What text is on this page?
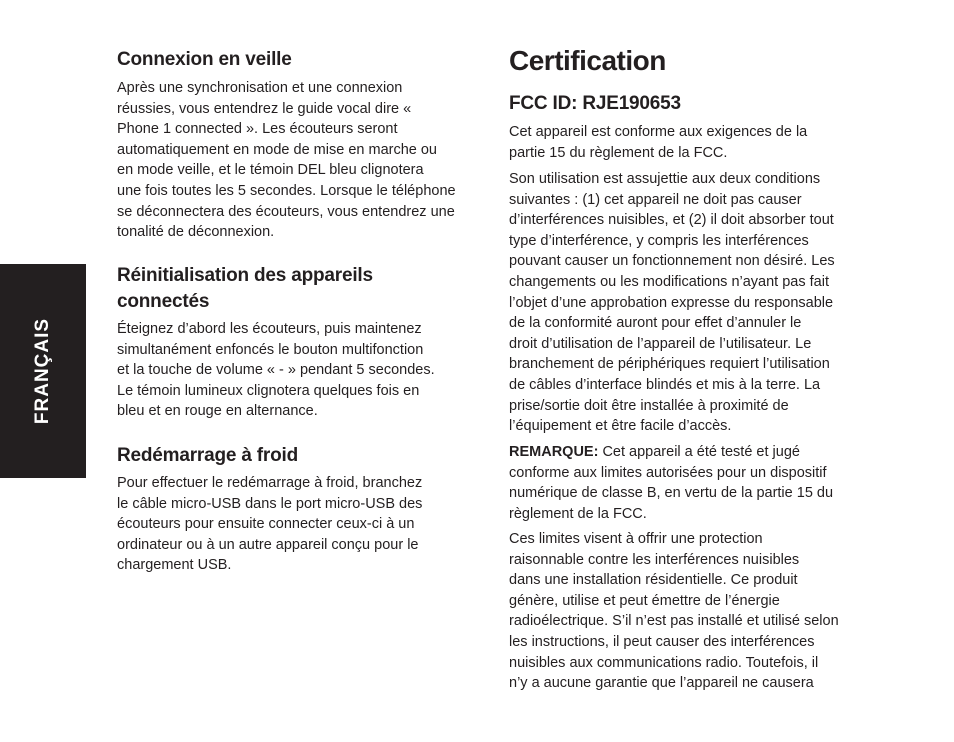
FRANÇAIS
Connexion en veille

Après une synchronisation et une connexion
réussies, vous entendrez le guide vocal dire «
Phone 1 connected ». Les écouteurs seront
automatiquement en mode de mise en marche ou
en mode veille, et le témoin DEL bleu clignotera
une fois toutes les 5 secondes. Lorsque le téléphone
se déconnectera des écouteurs, vous entendrez une
tonalité de déconnexion.

Réinitialisation des appareils
connectés

Éteignez d’abord les écouteurs, puis maintenez
simultanément enfoncés le bouton multifonction
et la touche de volume « - » pendant 5 secondes.
Le témoin lumineux clignotera quelques fois en
bleu et en rouge en alternance.

Redémarrage à froid

Pour effectuer le redémarrage à froid, branchez
le câble micro-USB dans le port micro-USB des
écouteurs pour ensuite connecter ceux-ci à un
ordinateur ou à un autre appareil conçu pour le
chargement USB.

Certification
FCC ID: RJE190653

Cet appareil est conforme aux exigences de la
partie 15 du règlement de la FCC.

Son utilisation est assujettie aux deux conditions
suivantes : (1) cet appareil ne doit pas causer
d’interférences nuisibles, et (2) il doit absorber tout
type d’interférence, y compris les interférences
pouvant causer un fonctionnement non désiré. Les
changements ou les modifications n’ayant pas fait
l’objet d’une approbation expresse du responsable
de la conformité auront pour effet d’annuler le
droit d’utilisation de l’appareil de l’utilisateur. Le
branchement de périphériques requiert l’utilisation
de câbles d’interface blindés et mis à la terre. La
prise/sortie doit être installée à proximité de
l’équipement et être facile d’accès.

REMARQUE: Cet appareil a été testé et jugé
conforme aux limites autorisées pour un dispositif
numérique de classe B, en vertu de la partie 15 du
règlement de la FCC.

Ces limites visent à offrir une protection
raisonnable contre les interférences nuisibles
dans une installation résidentielle. Ce produit
génère, utilise et peut émettre de l’énergie
radioélectrique. S’il n’est pas installé et utilisé selon
les instructions, il peut causer des interférences
nuisibles aux communications radio. Toutefois, il
n’y a aucune garantie que l’appareil ne causera
